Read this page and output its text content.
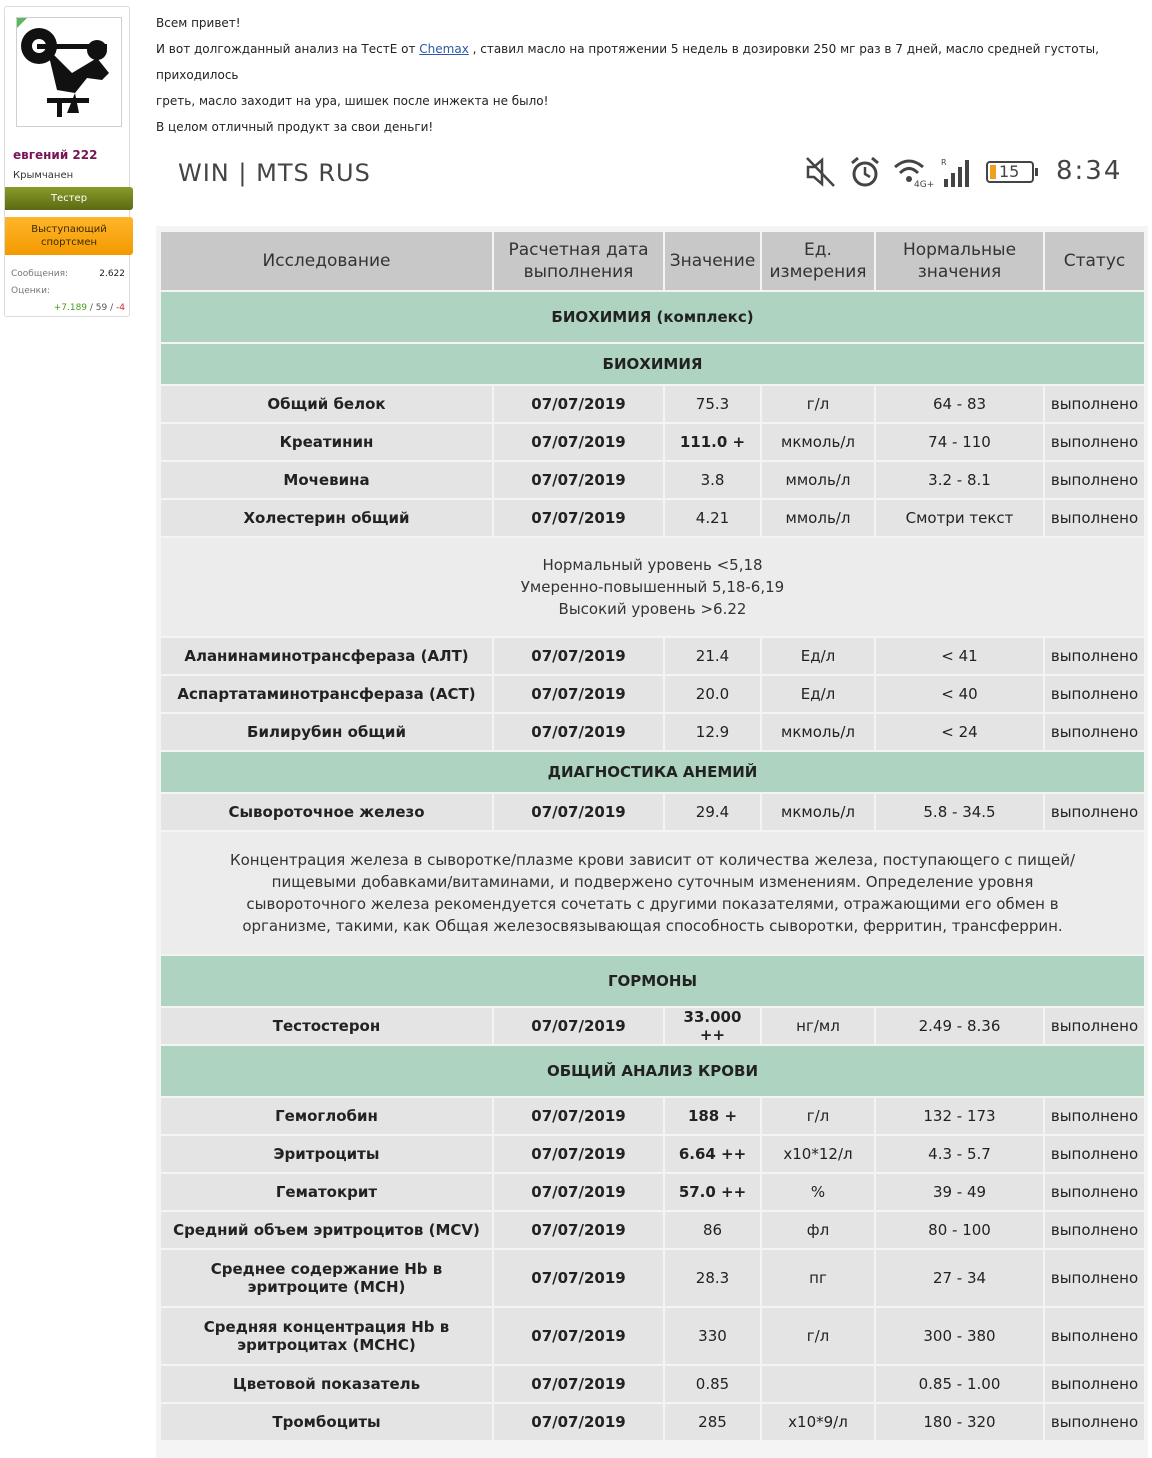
евгений 222
Крымчанен
Тестер
Выступающий спортсмен
Сообщения:	2.622
Оценки:
+7.189 / 59 / -4

Всем привет!

И вот долгожданный анализ на ТестЕ от Chemax , ставил масло на протяжении 5 недель в дозировки 250 мг раз в 7 дней, масло средней густоты, приходилось

греть, масло заходит на ура, шишек после инжекта не было!

В целом отличный продукт за свои деньги!

WIN | MTS RUS	4G+
R	15 8:34
Исследование	Расчетная дата выполнения	Значение	Ед. измерения	Нормальные значения	Статус
БИОХИМИЯ (комплекс)					
БИОХИМИЯ					
Общий белок	07/07/2019	75.3	г/л	64 - 83	выполнено
Креатинин	07/07/2019	111.0 +	мкмоль/л	74 - 110	выполнено
Мочевина	07/07/2019	3.8	ммоль/л	3.2 - 8.1	выполнено
Холестерин общий	07/07/2019	4.21	ммоль/л	Смотри текст	выполнено

Нормальный уровень <5,18
Умеренно-повышенный 5,18-6,19
Высокий уровень >6.22					

Аланинаминотрансфераза (АЛТ)	07/07/2019	21.4	Ед/л	< 41	выполнено
Аспартатаминотрансфераза (АСТ)	07/07/2019	20.0	Ед/л	< 40	выполнено
Билирубин общий	07/07/2019	12.9	мкмоль/л	< 24	выполнено
ДИАГНОСТИКА АНЕМИЙ					
Сывороточное железо	07/07/2019	29.4	мкмоль/л	5.8 - 34.5	выполнено

Концентрация железа в сыворотке/плазме крови зависит от количества железа, поступающего с пищей/пищевыми добавками/витаминами, и подвержено суточным изменениям. Определение уровня сывороточного железа рекомендуется сочетать с другими показателями, отражающими его обмен в организме, такими, как Общая железосвязывающая способность сыворотки, ферритин, трансферрин.					

ГОРМОНЫ					
Тестостерон	07/07/2019	33.000 ++	нг/мл	2.49 - 8.36	выполнено
ОБЩИЙ АНАЛИЗ КРОВИ					
Гемоглобин	07/07/2019	188 +	г/л	132 - 173	выполнено
Эритроциты	07/07/2019	6.64 ++	x10*12/л	4.3 - 5.7	выполнено
Гематокрит	07/07/2019	57.0 ++	%	39 - 49	выполнено
Средний объем эритроцитов (MCV)	07/07/2019	86	фл	80 - 100	выполнено
Среднее содержание Hb в эритроците (MCH)	07/07/2019	28.3	пг	27 - 34	выполнено
Средняя концентрация Hb в эритроцитах (MCHC)	07/07/2019	330	г/л	300 - 380	выполнено
Цветовой показатель	07/07/2019	0.85		0.85 - 1.00	выполнено
Тромбоциты	07/07/2019	285	x10*9/л	180 - 320	выполнено
